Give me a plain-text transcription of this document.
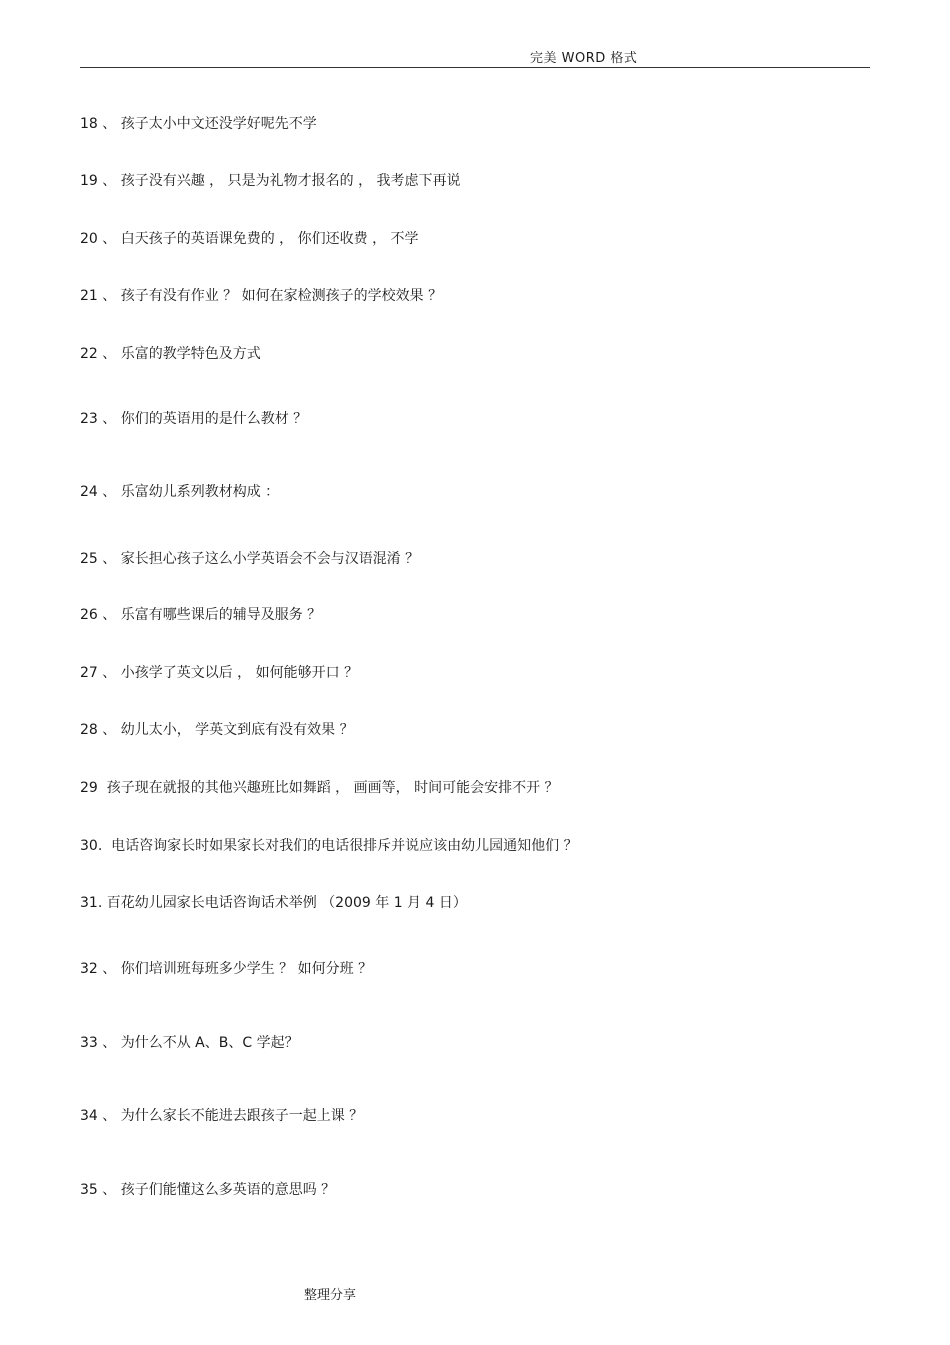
完美 WORD 格式
18 、 孩子太小中文还没学好呢先不学
19 、 孩子没有兴趣 ， 只是为礼物才报名的 ， 我考虑下再说
20 、 白天孩子的英语课免费的 ， 你们还收费 ， 不学
21 、 孩子有没有作业 ？ 如何在家检测孩子的学校效果 ？
22 、 乐富的教学特色及方式
23 、 你们的英语用的是什么教材 ？
24 、 乐富幼儿系列教材构成 ：
25 、 家长担心孩子这么小学英语会不会与汉语混淆 ？
26 、 乐富有哪些课后的辅导及服务 ？
27 、 小孩学了英文以后 ， 如何能够开口 ？
28 、 幼儿太小， 学英文到底有没有效果 ？
29  孩子现在就报的其他兴趣班比如舞蹈 ， 画画等， 时间可能会安排不开 ？
30.  电话咨询家长时如果家长对我们的电话很排斥并说应该由幼儿园通知他们 ？
31. 百花幼儿园家长电话咨询话术举例 （2009 年 1 月 4 日）
32 、 你们培训班每班多少学生 ？ 如何分班 ？
33 、 为什么不从 A、B、C 学起？
34 、 为什么家长不能进去跟孩子一起上课 ？
35 、 孩子们能懂这么多英语的意思吗 ？
整理分享
